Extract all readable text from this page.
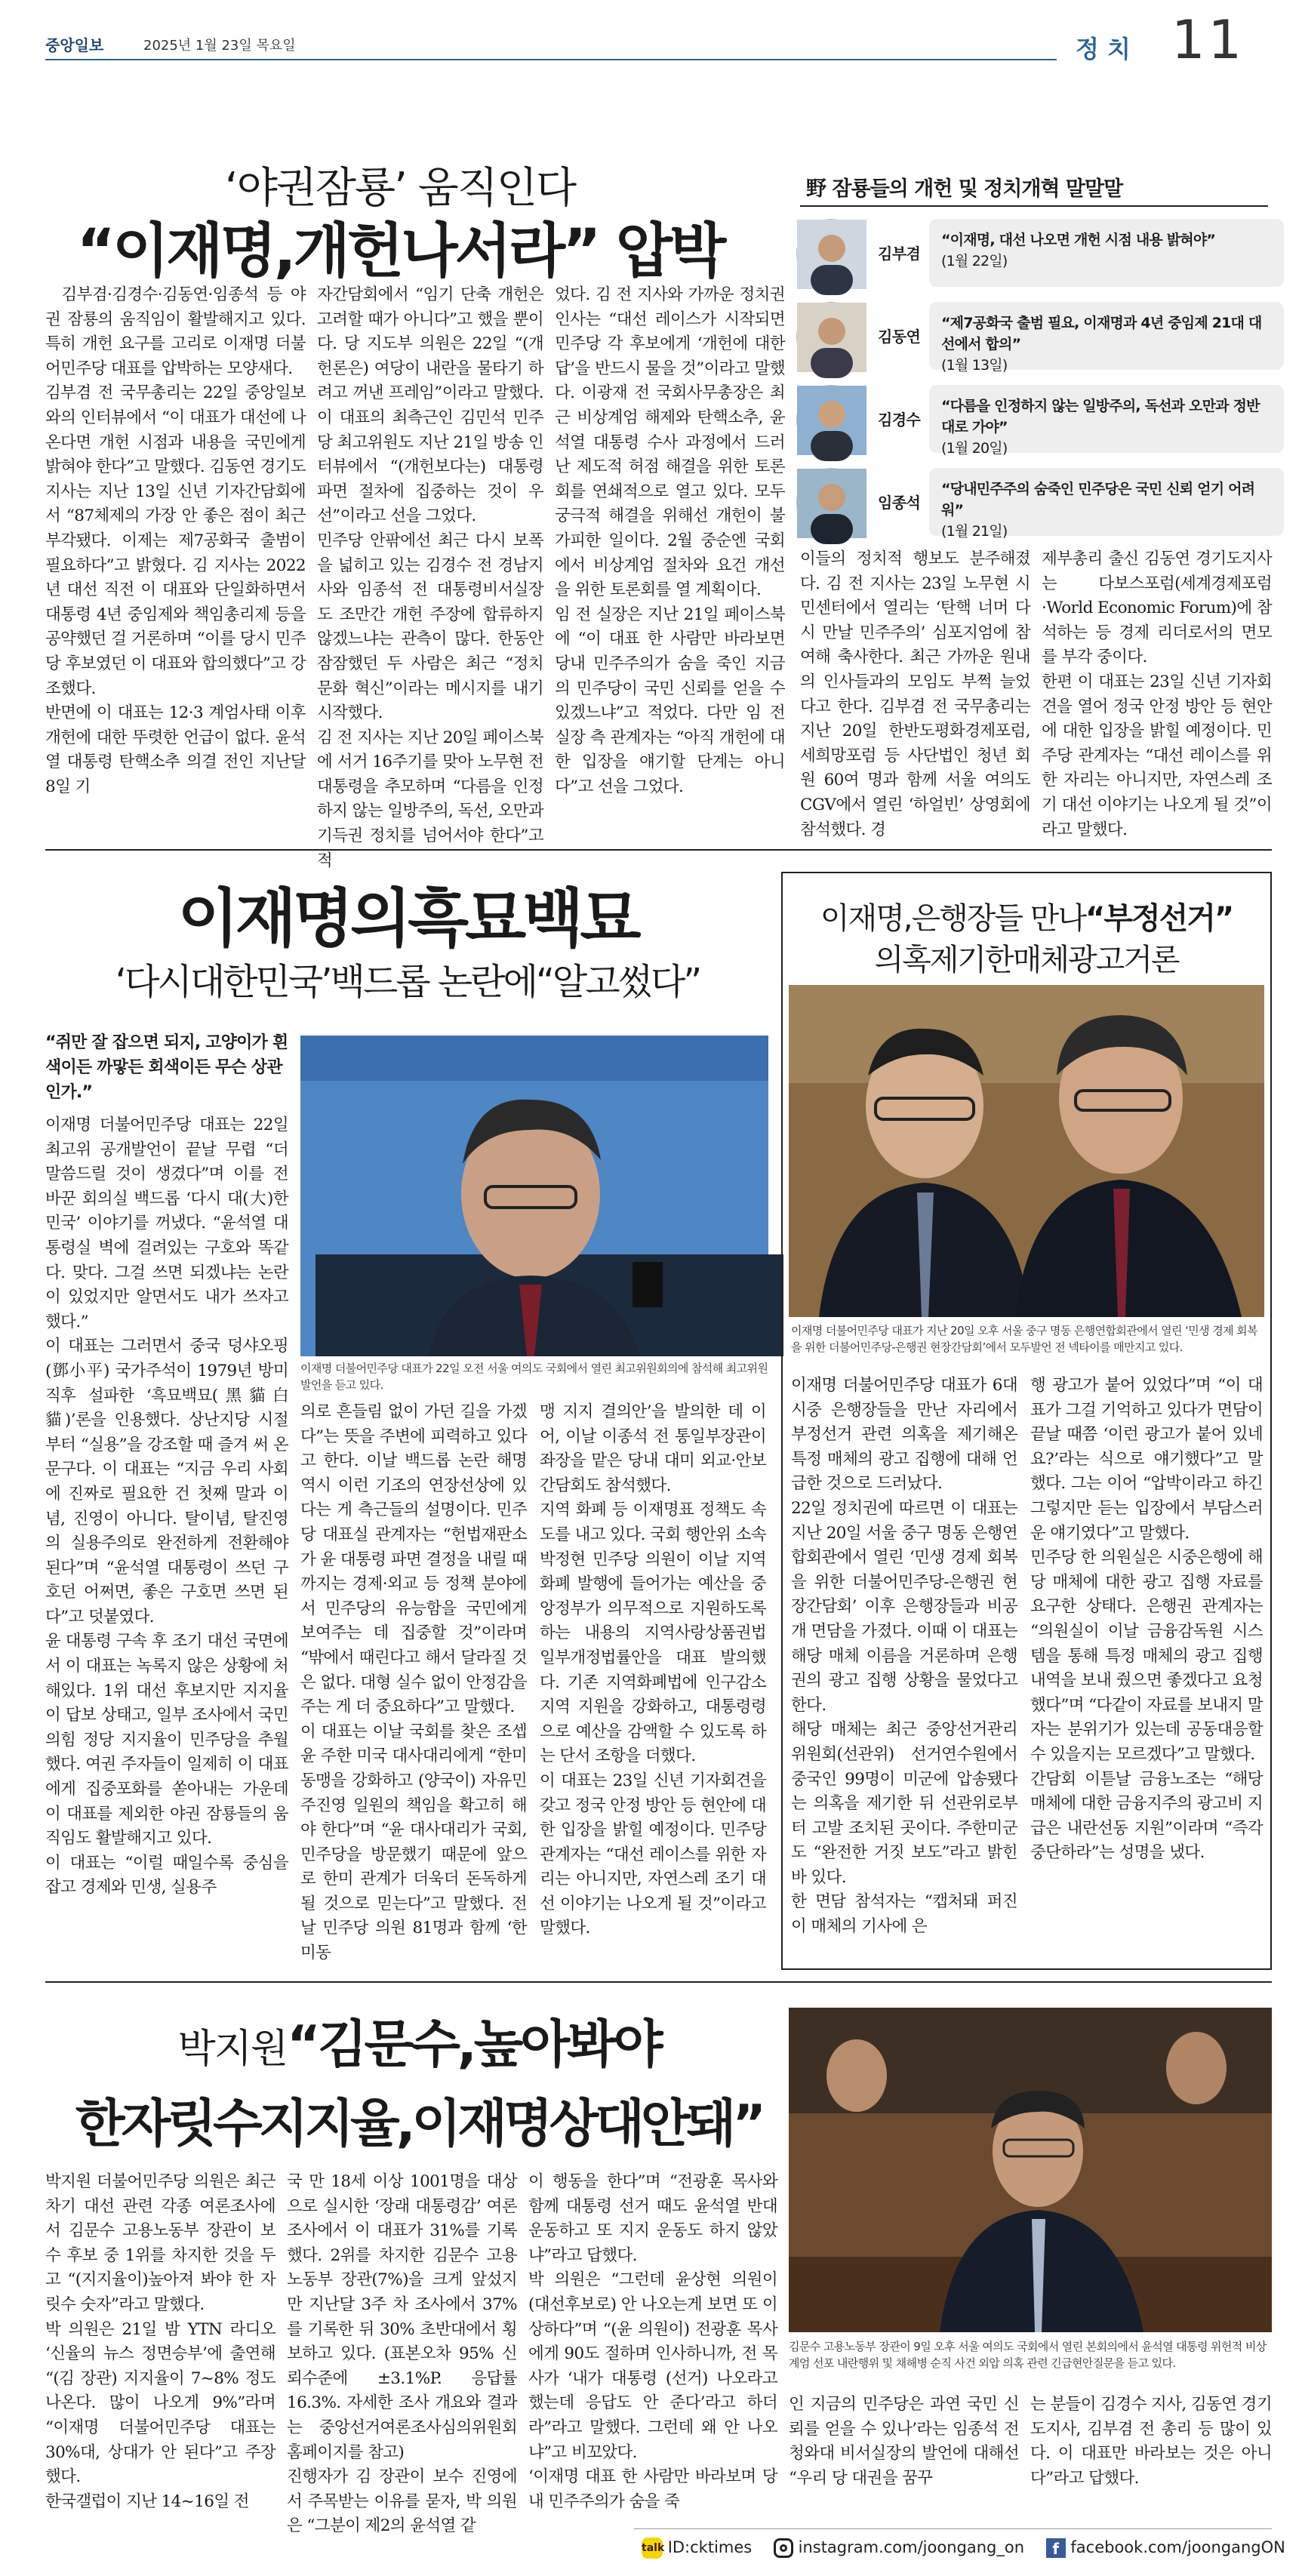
중앙일보	2025년 1월 23일 목요일	정 치 11
‘야권잠룡’ 움직인다
“이재명,개헌나서라” 압박
김부겸·김경수·김동연·임종석 등 야권 잠룡의 움직임이 활발해지고 있다. 특히 개헌 요구를 고리로 이재명 더불어민주당 대표를 압박하는 모양새다.
김부겸 전 국무총리는 22일 중앙일보와의 인터뷰에서 “이 대표가 대선에 나온다면 개헌 시점과 내용을 국민에게 밝혀야 한다”고 말했다. 김동연 경기도지사는 지난 13일 신년 기자간담회에서 “87체제의 가장 안 좋은 점이 최근 부각됐다. 이제는 제7공화국 출범이 필요하다”고 밝혔다. 김 지사는 2022년 대선 직전 이 대표와 단일화하면서 대통령 4년 중임제와 책임총리제 등을 공약했던 걸 거론하며 “이를 당시 민주당 후보였던 이 대표와 합의했다”고 강조했다.
반면에 이 대표는 12·3 계엄사태 이후 개헌에 대한 뚜렷한 언급이 없다. 윤석열 대통령 탄핵소추 의결 전인 지난달 8일 기
자간담회에서 “임기 단축 개헌은 고려할 때가 아니다”고 했을 뿐이다. 당 지도부 의원은 22일 “(개헌론은) 여당이 내란을 물타기 하려고 꺼낸 프레임”이라고 말했다. 이 대표의 최측근인 김민석 민주당 최고위원도 지난 21일 방송 인터뷰에서 “(개헌보다는) 대통령 파면 절차에 집중하는 것이 우선”이라고 선을 그었다.
민주당 안팎에선 최근 다시 보폭을 넓히고 있는 김경수 전 경남지사와 임종석 전 대통령비서실장도 조만간 개헌 주장에 합류하지 않겠느냐는 관측이 많다. 한동안 잠잠했던 두 사람은 최근 “정치 문화 혁신”이라는 메시지를 내기 시작했다.
김 전 지사는 지난 20일 페이스북에 서거 16주기를 맞아 노무현 전 대통령을 추모하며 “다름을 인정하지 않는 일방주의, 독선, 오만과 기득권 정치를 넘어서야 한다”고 적
었다. 김 전 지사와 가까운 정치권 인사는 “대선 레이스가 시작되면 민주당 각 후보에게 ‘개헌에 대한 답’을 반드시 물을 것”이라고 말했다. 이광재 전 국회사무총장은 최근 비상계엄 해제와 탄핵소추, 윤석열 대통령 수사 과정에서 드러난 제도적 허점 해결을 위한 토론회를 연쇄적으로 열고 있다. 모두 궁극적 해결을 위해선 개헌이 불가피한 일이다. 2월 중순엔 국회에서 비상계엄 절차와 요건 개선을 위한 토론회를 열 계획이다.
임 전 실장은 지난 21일 페이스북에 “이 대표 한 사람만 바라보면 당내 민주주의가 숨을 죽인 지금의 민주당이 국민 신뢰를 얻을 수 있겠느냐”고 적었다. 다만 임 전 실장 측 관계자는 “아직 개헌에 대한 입장을 얘기할 단계는 아니다”고 선을 그었다.
野 잠룡들의 개헌 및 정치개혁 말말말
김부겸
“이재명, 대선 나오면 개헌 시점 내용 밝혀야”
(1월 22일)
김동연
“제7공화국 출범 필요, 이재명과 4년 중임제 21대 대선에서 합의”
(1월 13일)
김경수
“다름을 인정하지 않는 일방주의, 독선과 오만과 정반대로 가야”
(1월 20일)
임종석
“당내민주주의 숨죽인 민주당은 국민 신뢰 얻기 어려워”
(1월 21일)
이들의 정치적 행보도 분주해졌다. 김 전 지사는 23일 노무현 시민센터에서 열리는 ‘탄핵 너머 다시 만날 민주주의’ 심포지엄에 참여해 축사한다. 최근 가까운 원내의 인사들과의 모임도 부쩍 늘었다고 한다. 김부겸 전 국무총리는 지난 20일 한반도평화경제포럼, 세희망포럼 등 사단법인 청년 회원 60여 명과 함께 서울 여의도 CGV에서 열린 ‘하얼빈’ 상영회에 참석했다. 경
제부총리 출신 김동연 경기도지사는 다보스포럼(세계경제포럼·World Economic Forum)에 참석하는 등 경제 리더로서의 면모를 부각 중이다.
한편 이 대표는 23일 신년 기자회견을 열어 정국 안정 방안 등 현안에 대한 입장을 밝힐 예정이다. 민주당 관계자는 “대선 레이스를 위한 자리는 아니지만, 자연스레 조기 대선 이야기는 나오게 될 것”이라고 말했다.
이재명의흑묘백묘
‘다시대한민국’백드롭 논란에“알고썼다”
“쥐만 잘 잡으면 되지, 고양이가 흰색이든 까맣든 회색이든 무슨 상관인가.”
이재명 더불어민주당 대표는 22일 최고위 공개발언이 끝날 무렵 “더 말씀드릴 것이 생겼다”며 이를 전 바꾼 회의실 백드롭 ‘다시 대(大)한민국’ 이야기를 꺼냈다. “윤석열 대통령실 벽에 걸려있는 구호와 똑같다. 맞다. 그걸 쓰면 되겠냐는 논란이 있었지만 알면서도 내가 쓰자고 했다.”
이 대표는 그러면서 중국 덩샤오핑(鄧小平) 국가주석이 1979년 방미 직후 설파한 ‘흑묘백묘(黑貓白貓)’론을 인용했다. 상난지당 시절부터 “실용”을 강조할 때 즐겨 써 온 문구다. 이 대표는 “지금 우리 사회에 진짜로 필요한 건 첫째 말과 이념, 진영이 아니다. 탈이념, 탈진영의 실용주의로 완전하게 전환해야 된다”며 “윤석열 대통령이 쓰던 구호던 어쩌면, 좋은 구호면 쓰면 된다”고 덧붙였다.
윤 대통령 구속 후 조기 대선 국면에서 이 대표는 녹록지 않은 상황에 처해있다. 1위 대선 후보지만 지지율이 답보 상태고, 일부 조사에서 국민의힘 정당 지지율이 민주당을 추월했다. 여권 주자들이 일제히 이 대표에게 집중포화를 쏟아내는 가운데 이 대표를 제외한 야권 잠룡들의 움직임도 활발해지고 있다.
이 대표는 “이럴 때일수록 중심을 잡고 경제와 민생, 실용주
이재명 더불어민주당 대표가 22일 오전 서울 여의도 국회에서 열린 최고위원회의에 참석해 최고위원 발언을 듣고 있다.
의로 흔들림 없이 가던 길을 가겠다”는 뜻을 주변에 피력하고 있다고 한다. 이날 백드롭 논란 해명 역시 이런 기조의 연장선상에 있다는 게 측근들의 설명이다. 민주당 대표실 관계자는 “헌법재판소가 윤 대통령 파면 결정을 내릴 때까지는 경제·외교 등 정책 분야에서 민주당의 유능함을 국민에게 보여주는 데 집중할 것”이라며 “밖에서 때린다고 해서 달라질 것은 없다. 대형 실수 없이 안정감을 주는 게 더 중요하다”고 말했다.
이 대표는 이날 국회를 찾은 조셉 윤 주한 미국 대사대리에게 “한미동맹을 강화하고 (양국이) 자유민주진영 일원의 책임을 확고히 해야 한다”며 “윤 대사대리가 국회, 민주당을 방문했기 때문에 앞으로 한미 관계가 더욱더 돈독하게 될 것으로 믿는다”고 말했다. 전날 민주당 의원 81명과 함께 ‘한미동
맹 지지 결의안’을 발의한 데 이어, 이날 이종석 전 통일부장관이 좌장을 맡은 당내 대미 외교·안보 간담회도 참석했다.
지역 화폐 등 이재명표 정책도 속도를 내고 있다. 국회 행안위 소속 박정현 민주당 의원이 이날 지역 화폐 발행에 들어가는 예산을 중앙정부가 의무적으로 지원하도록 하는 내용의 지역사랑상품권법 일부개정법률안을 대표 발의했다. 기존 지역화폐법에 인구감소지역 지원을 강화하고, 대통령령으로 예산을 감액할 수 있도록 하는 단서 조항을 더했다.
이 대표는 23일 신년 기자회견을 갖고 정국 안정 방안 등 현안에 대한 입장을 밝힐 예정이다. 민주당 관계자는 “대선 레이스를 위한 자리는 아니지만, 자연스레 조기 대선 이야기는 나오게 될 것”이라고 말했다.
이재명,은행장들 만나“부정선거”
의혹제기한매체광고거론
이재명 더불어민주당 대표가 지난 20일 오후 서울 중구 명동 은행연합회관에서 열린 ‘민생 경제 회복을 위한 더불어민주당-은행권 현장간담회’에서 모두발언 전 넥타이를 매만지고 있다.
이재명 더불어민주당 대표가 6대 시중 은행장들을 만난 자리에서 부정선거 관련 의혹을 제기해온 특정 매체의 광고 집행에 대해 언급한 것으로 드러났다.
22일 정치권에 따르면 이 대표는 지난 20일 서울 중구 명동 은행연합회관에서 열린 ‘민생 경제 회복을 위한 더불어민주당-은행권 현장간담회’ 이후 은행장들과 비공개 면담을 가졌다. 이때 이 대표는 해당 매체 이름을 거론하며 은행권의 광고 집행 상황을 물었다고 한다.
해당 매체는 최근 중앙선거관리위원회(선관위) 선거연수원에서 중국인 99명이 미군에 압송됐다는 의혹을 제기한 뒤 선관위로부터 고발 조치된 곳이다. 주한미군도 “완전한 거짓 보도”라고 밝힌 바 있다.
한 면담 참석자는 “캡처돼 퍼진 이 매체의 기사에 은
행 광고가 붙어 있었다”며 “이 대표가 그걸 기억하고 있다가 면담이 끝날 때쯤 ‘이런 광고가 붙어 있네요?’라는 식으로 얘기했다”고 말했다. 그는 이어 “압박이라고 하긴 그렇지만 듣는 입장에서 부담스러운 얘기였다”고 말했다.
민주당 한 의원실은 시중은행에 해당 매체에 대한 광고 집행 자료를 요구한 상태다. 은행권 관계자는 “의원실이 이날 금융감독원 시스템을 통해 특정 매체의 광고 집행 내역을 보내 줬으면 좋겠다고 요청했다”며 “다같이 자료를 보내지 말자는 분위기가 있는데 공동대응할 수 있을지는 모르겠다”고 말했다.
간담회 이튿날 금융노조는 “해당 매체에 대한 금융지주의 광고비 지급은 내란선동 지원”이라며 “즉각 중단하라”는 성명을 냈다.
박지원“김문수,높아봐야
한자릿수지지율,이재명상대안돼”
박지원 더불어민주당 의원은 최근 차기 대선 관련 각종 여론조사에서 김문수 고용노동부 장관이 보수 후보 중 1위를 차지한 것을 두고 “(지지율이)높아져 봐야 한 자릿수 숫자”라고 말했다.
박 의원은 21일 밤 YTN 라디오 ‘신율의 뉴스 정면승부’에 출연해 “(김 장관) 지지율이 7~8% 정도 나온다. 많이 나오게 9%”라며 “이재명 더불어민주당 대표는 30%대, 상대가 안 된다”고 주장했다.
한국갤럽이 지난 14~16일 전
국 만 18세 이상 1001명을 대상으로 실시한 ‘장래 대통령감’ 여론조사에서 이 대표가 31%를 기록했다. 2위를 차지한 김문수 고용노동부 장관(7%)을 크게 앞섰지만 지난달 3주 차 조사에서 37%를 기록한 뒤 30% 초반대에서 횡보하고 있다. (표본오차 95% 신뢰수준에 ±3.1%P. 응답률 16.3%. 자세한 조사 개요와 결과는 중앙선거여론조사심의위원회 홈페이지를 참고)
진행자가 김 장관이 보수 진영에서 주목받는 이유를 묻자, 박 의원은 “그분이 제2의 윤석열 같
이 행동을 한다”며 “전광훈 목사와 함께 대통령 선거 때도 윤석열 반대 운동하고 또 지지 운동도 하지 않았냐”라고 답했다.
박 의원은 “그런데 윤상현 의원이 (대선후보로) 안 나오는게 보면 또 이상하다”며 “(윤 의원이) 전광훈 목사에게 90도 절하며 인사하니까, 전 목사가 ‘내가 대통령 (선거) 나오라고 했는데 응답도 안 준다’라고 하더라”라고 말했다. 그런데 왜 안 나오냐”고 비꼬았다.
‘이재명 대표 한 사람만 바라보며 당내 민주주의가 숨을 죽
김문수 고용노동부 장관이 9일 오후 서울 여의도 국회에서 열린 본회의에서 윤석열 대통령 위헌적 비상계엄 선포 내란행위 및 채해병 순직 사건 외압 의혹 관련 긴급현안질문을 듣고 있다.
인 지금의 민주당은 과연 국민 신뢰를 얻을 수 있나’라는 임종석 전 청와대 비서실장의 발언에 대해선 “우리 당 대권을 꿈꾸
는 분들이 김경수 지사, 김동연 경기도지사, 김부겸 전 총리 등 많이 있다. 이 대표만 바라보는 것은 아니다”라고 답했다.
talk ID:cktimes	instagram.com/joongang_on f facebook.com/joongangON
